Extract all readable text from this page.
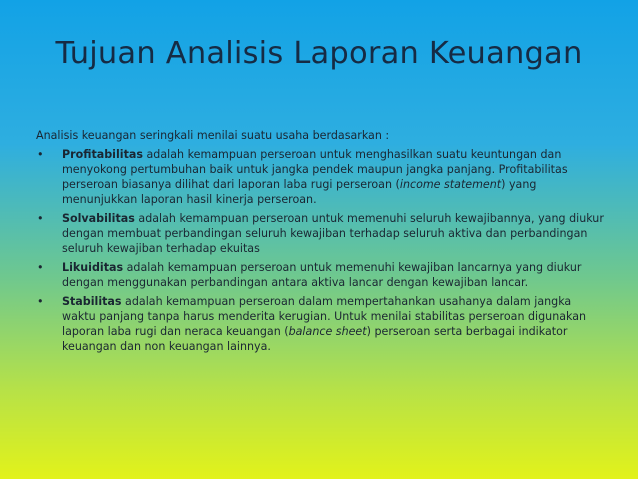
Tujuan Analisis Laporan Keuangan

Analisis keuangan seringkali menilai suatu usaha berdasarkan :

• Profitabilitas adalah kemampuan perseroan untuk menghasilkan suatu keuntungan dan menyokong pertumbuhan baik untuk jangka pendek maupun jangka panjang. Profitabilitas perseroan biasanya dilihat dari laporan laba rugi perseroan (income statement) yang menunjukkan laporan hasil kinerja perseroan.
• Solvabilitas adalah kemampuan perseroan untuk memenuhi seluruh kewajibannya, yang diukur dengan membuat perbandingan seluruh kewajiban terhadap seluruh aktiva dan perbandingan seluruh kewajiban terhadap ekuitas
• Likuiditas adalah kemampuan perseroan untuk memenuhi kewajiban lancarnya yang diukur dengan menggunakan perbandingan antara aktiva lancar dengan kewajiban lancar.
• Stabilitas adalah kemampuan perseroan dalam mempertahankan usahanya dalam jangka waktu panjang tanpa harus menderita kerugian. Untuk menilai stabilitas perseroan digunakan laporan laba rugi dan neraca keuangan (balance sheet) perseroan serta berbagai indikator keuangan dan non keuangan lainnya.
